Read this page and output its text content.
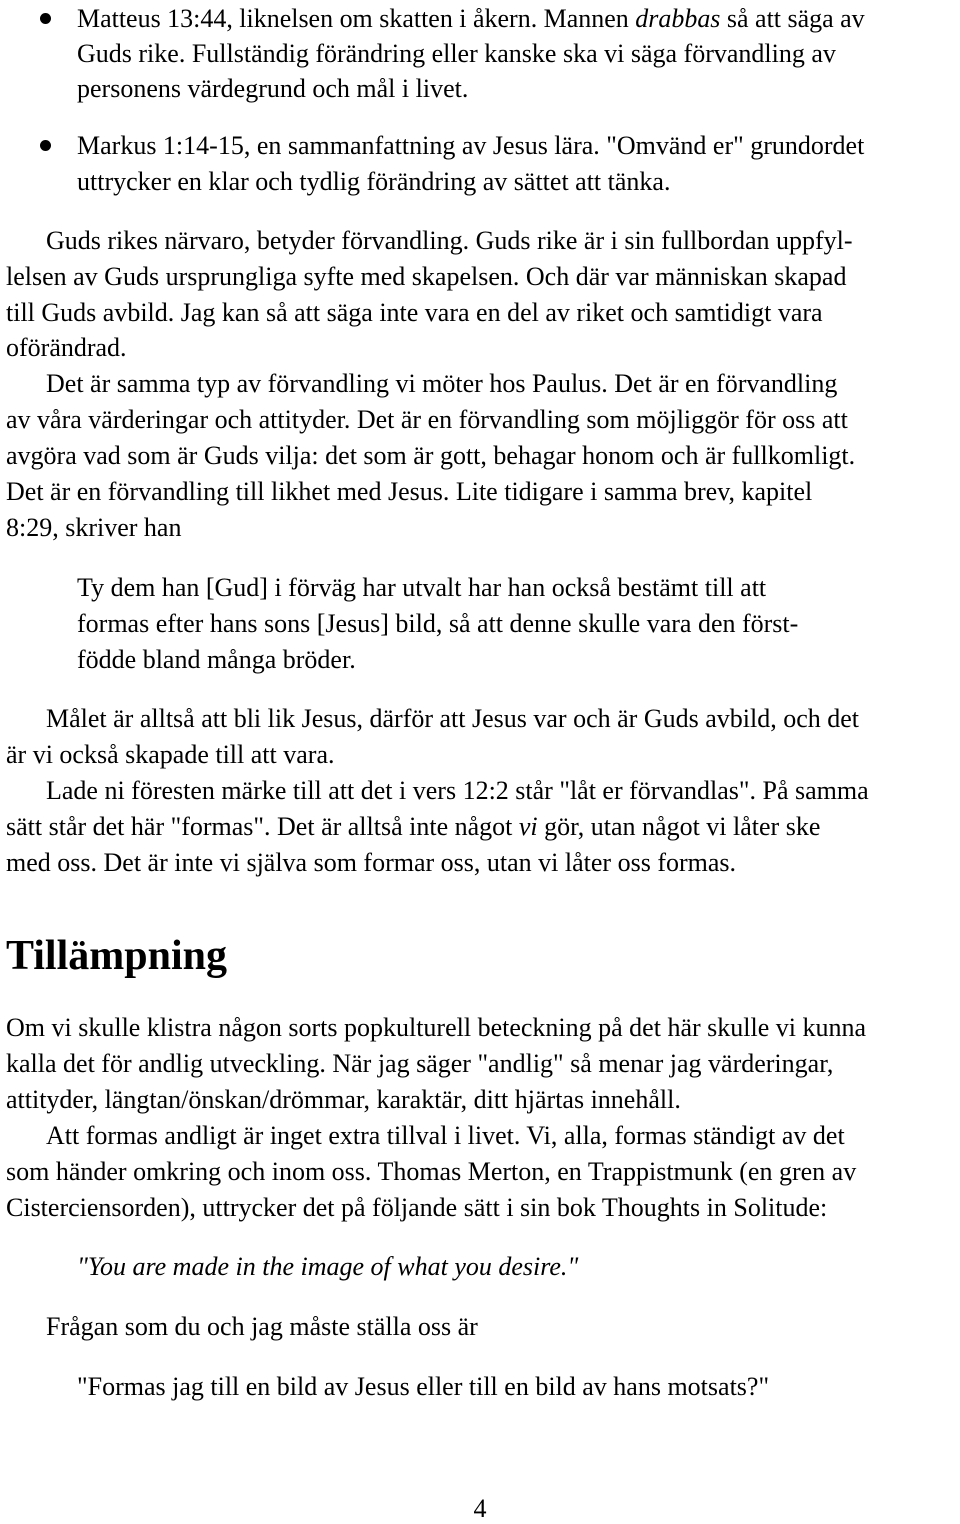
Matteus 13:44, liknelsen om skatten i åkern. Mannen drabbas så att säga av
Guds rike. Fullständig förändring eller kanske ska vi säga förvandling av
personens värdegrund och mål i livet.
Markus 1:14-15, en sammanfattning av Jesus lära. "Omvänd er" grundordet
uttrycker en klar och tydlig förändring av sättet att tänka.
Guds rikes närvaro, betyder förvandling. Guds rike är i sin fullbordan uppfyl-
lelsen av Guds ursprungliga syfte med skapelsen. Och där var människan skapad
till Guds avbild. Jag kan så att säga inte vara en del av riket och samtidigt vara
oförändrad.
Det är samma typ av förvandling vi möter hos Paulus. Det är en förvandling
av våra värderingar och attityder. Det är en förvandling som möjliggör för oss att
avgöra vad som är Guds vilja: det som är gott, behagar honom och är fullkomligt.
Det är en förvandling till likhet med Jesus. Lite tidigare i samma brev, kapitel
8:29, skriver han
Ty dem han [Gud] i förväg har utvalt har han också bestämt till att
formas efter hans sons [Jesus] bild, så att denne skulle vara den först-
födde bland många bröder.
Målet är alltså att bli lik Jesus, därför att Jesus var och är Guds avbild, och det
är vi också skapade till att vara.
Lade ni föresten märke till att det i vers 12:2 står "låt er förvandlas". På samma
sätt står det här "formas". Det är alltså inte något vi gör, utan något vi låter ske
med oss. Det är inte vi själva som formar oss, utan vi låter oss formas.
Tillämpning
Om vi skulle klistra någon sorts popkulturell beteckning på det här skulle vi kunna
kalla det för andlig utveckling. När jag säger "andlig" så menar jag värderingar,
attityder, längtan/önskan/drömmar, karaktär, ditt hjärtas innehåll.
Att formas andligt är inget extra tillval i livet. Vi, alla, formas ständigt av det
som händer omkring och inom oss. Thomas Merton, en Trappistmunk (en gren av
Cisterciensorden), uttrycker det på följande sätt i sin bok Thoughts in Solitude:
"You are made in the image of what you desire."
Frågan som du och jag måste ställa oss är
"Formas jag till en bild av Jesus eller till en bild av hans motsats?"
4
